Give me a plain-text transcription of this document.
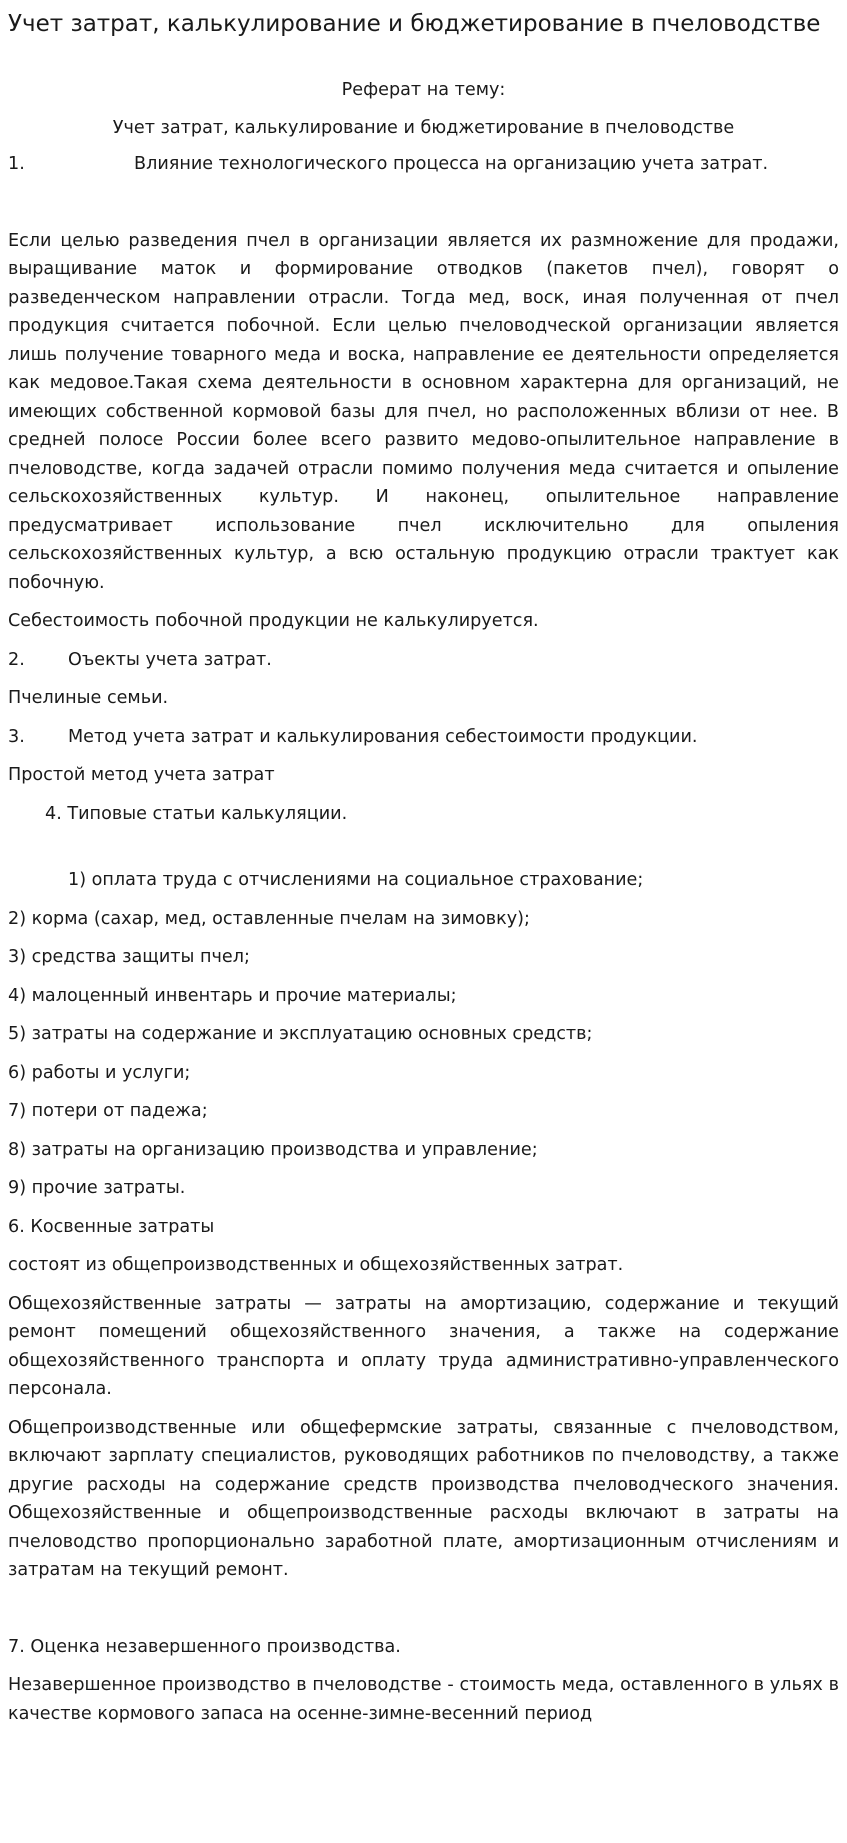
Учет затрат, калькулирование и бюджетирование в пчеловодстве

Реферат на тему:

Учет затрат, калькулирование и бюджетирование в пчеловодстве

1.	Влияние технологического процесса на организацию учета затрат.

Если целью разведения пчел в организации является их размножение для продажи, выращивание маток и формирование отводков (пакетов пчел), говорят о разведенческом направлении отрасли. Тогда мед, воск, иная полученная от пчел продукция считается побочной. Если целью пчеловодческой организации является лишь получение товарного меда и воска, направление ее деятельности определяется как медовое.Такая схема деятельности в основном характерна для организаций, не имеющих собственной кормовой базы для пчел, но расположенных вблизи от нее. В средней полосе России более всего развито медово-опылительное направление в пчеловодстве, когда задачей отрасли помимо получения меда считается и опыление сельскохозяйственных культур. И наконец, опылительное направление предусматривает использование пчел исключительно для опыления сельскохозяйственных культур, а всю остальную продукцию отрасли трактует как побочную.

Себестоимость побочной продукции не калькулируется.

2.	Оъекты учета затрат.

Пчелиные семьи.

3.	Метод учета затрат и калькулирования себестоимости продукции.

Простой метод учета затрат

4. Типовые статьи калькуляции.

1) оплата труда с отчислениями на социальное страхование;

2) корма (сахар, мед, оставленные пчелам на зимовку);

3) средства защиты пчел;

4) малоценный инвентарь и прочие материалы;

5) затраты на содержание и эксплуатацию основных средств;

6) работы и услуги;

7) потери от падежа;

8) затраты на организацию производства и управление;

9) прочие затраты.

6. Косвенные затраты

состоят из общепроизводственных и общехозяйственных затрат.

Общехозяйственные затраты — затраты на амортизацию, содержание и текущий ремонт помещений общехозяйственного значения, а также на содержание общехозяйственного транспорта и оплату труда административно-управленческого персонала.

Общепроизводственные или общефермские затраты, связанные с пчеловодством, включают зарплату специалистов, руководящих работников по пчеловодству, а также другие расходы на содержание средств производства пчеловодческого значения. Общехозяйственные и общепроизводственные расходы включают в затраты на пчеловодство пропорционально заработной плате, амортизационным отчислениям и затратам на текущий ремонт.

7. Оценка незавершенного производства.

Незавершенное производство в пчеловодстве - стоимость меда, оставленного в ульях в качестве кормового запаса на осенне-зимне-весенний период
